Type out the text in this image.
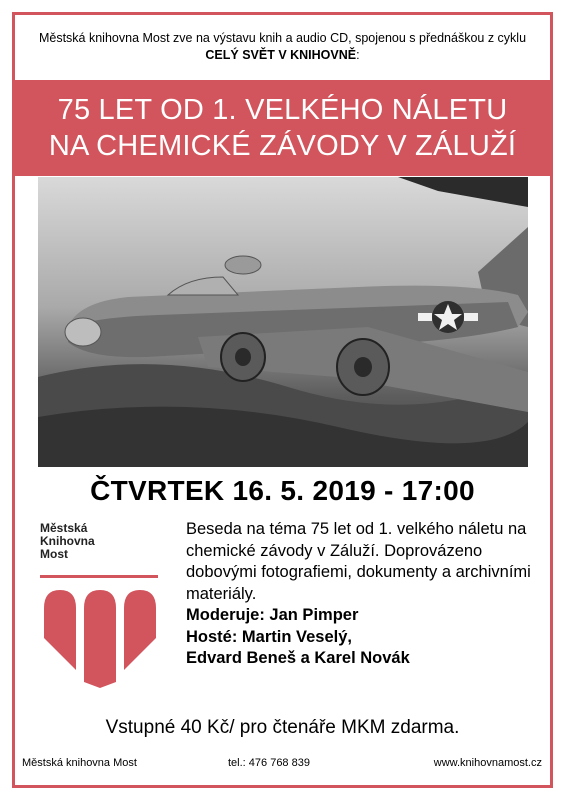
Městská knihovna Most zve na výstavu knih a audio CD, spojenou s přednáškou z cyklu
CELÝ SVĚT V KNIHOVNĚ:
75 LET OD 1. VELKÉHO NÁLETU
NA CHEMICKÉ ZÁVODY V ZÁLUŽÍ
ČTVRTEK 16. 5. 2019 - 17:00
Městská
Knihovna
Most
Beseda na téma 75 let od 1. velkého náletu na chemické závody v Záluží. Doprovázeno dobovými fotografiemi, dokumenty a archivními materiály.
Moderuje: Jan Pimper
Hosté: Martin Veselý,
Edvard Beneš a Karel Novák
Vstupné 40 Kč/ pro čtenáře MKM zdarma.
Městská knihovna Most	tel.: 476 768 839	www.knihovnamost.cz
